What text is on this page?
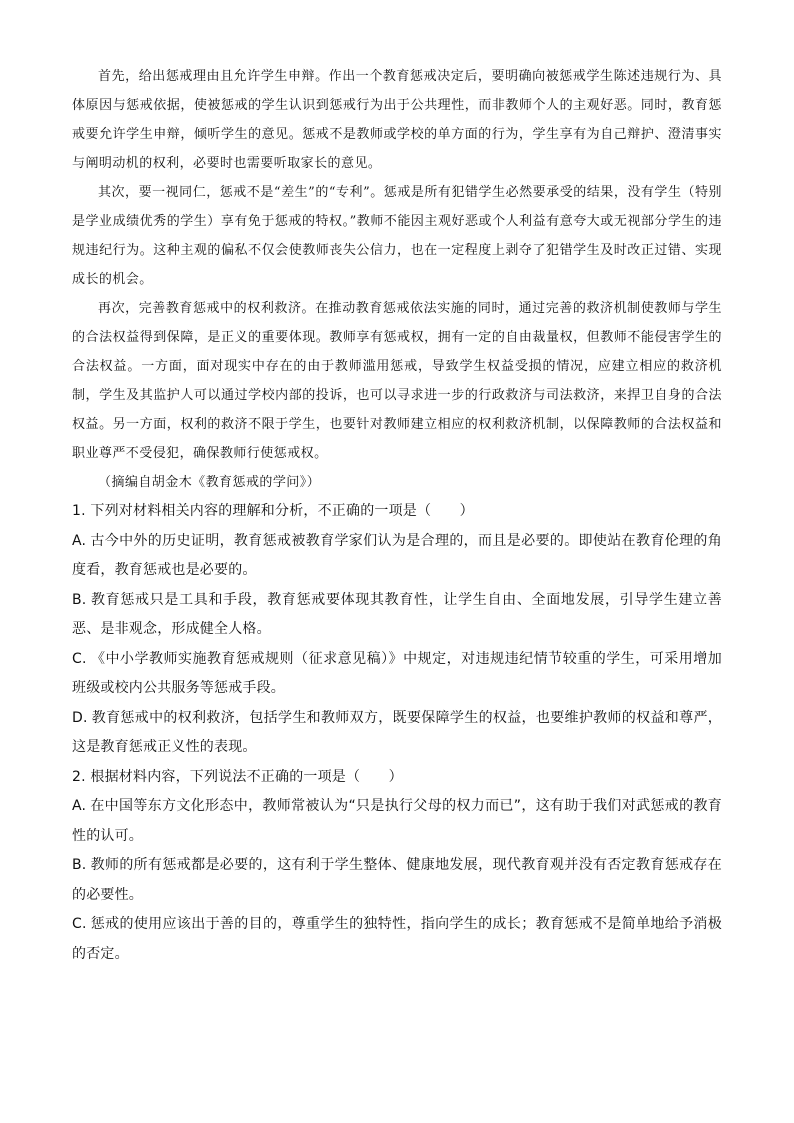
首先，给出惩戒理由且允许学生申辩。作出一个教育惩戒决定后，要明确向被惩戒学生陈述违规行为、具体原因与惩戒依据，使被惩戒的学生认识到惩戒行为出于公共理性，而非教师个人的主观好恶。同时，教育惩戒要允许学生申辩，倾听学生的意见。惩戒不是教师或学校的单方面的行为，学生享有为自己辩护、澄清事实与阐明动机的权利，必要时也需要听取家长的意见。

其次，要一视同仁，惩戒不是“差生”的“专利”。惩戒是所有犯错学生必然要承受的结果，没有学生（特别是学业成绩优秀的学生）享有免于惩戒的特权。”教师不能因主观好恶或个人利益有意夸大或无视部分学生的违规违纪行为。这种主观的偏私不仅会使教师丧失公信力，也在一定程度上剥夺了犯错学生及时改正过错、实现成长的机会。

再次，完善教育惩戒中的权利救济。在推动教育惩戒依法实施的同时，通过完善的救济机制使教师与学生的合法权益得到保障，是正义的重要体现。教师享有惩戒权，拥有一定的自由裁量权，但教师不能侵害学生的合法权益。一方面，面对现实中存在的由于教师滥用惩戒，导致学生权益受损的情况，应建立相应的救济机制，学生及其监护人可以通过学校内部的投诉，也可以寻求进一步的行政救济与司法救济，来捍卫自身的合法权益。另一方面，权利的救济不限于学生，也要针对教师建立相应的权利救济机制，以保障教师的合法权益和职业尊严不受侵犯，确保教师行使惩戒权。

（摘编自胡金木《教育惩戒的学问》）

1. 下列对材料相关内容的理解和分析，不正确的一项是（　　）

A. 古今中外的历史证明，教育惩戒被教育学家们认为是合理的，而且是必要的。即使站在教育伦理的角度看，教育惩戒也是必要的。

B. 教育惩戒只是工具和手段，教育惩戒要体现其教育性，让学生自由、全面地发展，引导学生建立善恶、是非观念，形成健全人格。

C. 《中小学教师实施教育惩戒规则（征求意见稿）》中规定，对违规违纪情节较重的学生，可采用增加班级或校内公共服务等惩戒手段。

D. 教育惩戒中的权利救济，包括学生和教师双方，既要保障学生的权益，也要维护教师的权益和尊严，这是教育惩戒正义性的表现。

2. 根据材料内容，下列说法不正确的一项是（　　）

A. 在中国等东方文化形态中，教师常被认为“只是执行父母的权力而已”，这有助于我们对武惩戒的教育性的认可。

B. 教师的所有惩戒都是必要的，这有利于学生整体、健康地发展，现代教育观并没有否定教育惩戒存在的必要性。

C. 惩戒的使用应该出于善的目的，尊重学生的独特性，指向学生的成长；教育惩戒不是简单地给予消极的否定。
